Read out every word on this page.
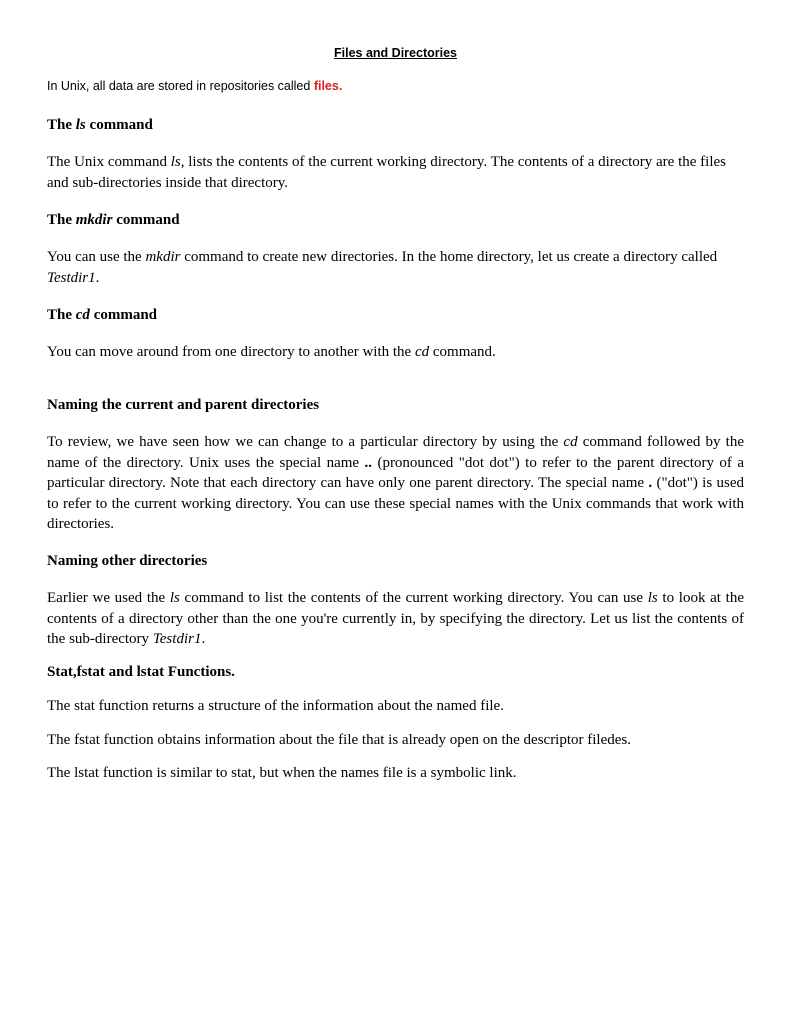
Files and Directories
In Unix, all data are stored in repositories called files.
The ls command

The Unix command ls, lists the contents of the current working directory. The contents of a directory are the files and sub-directories inside that directory.

The mkdir command

You can use the mkdir command to create new directories. In the home directory, let us create a directory called Testdir1.

The cd command

You can move around from one directory to another with the cd command.

Naming the current and parent directories

To review, we have seen how we can change to a particular directory by using the cd command followed by the name of the directory. Unix uses the special name .. (pronounced "dot dot") to refer to the parent directory of a particular directory. Note that each directory can have only one parent directory. The special name . ("dot") is used to refer to the current working directory. You can use these special names with the Unix commands that work with directories.

Naming other directories

Earlier we used the ls command to list the contents of the current working directory. You can use ls to look at the contents of a directory other than the one you're currently in, by specifying the directory. Let us list the contents of the sub-directory Testdir1.

Stat,fstat and lstat Functions.

The stat function returns a structure of the information about the named file.

The fstat function obtains information about the file that is already open on the descriptor filedes.

The lstat function is similar to stat, but when the names file is a symbolic link.
